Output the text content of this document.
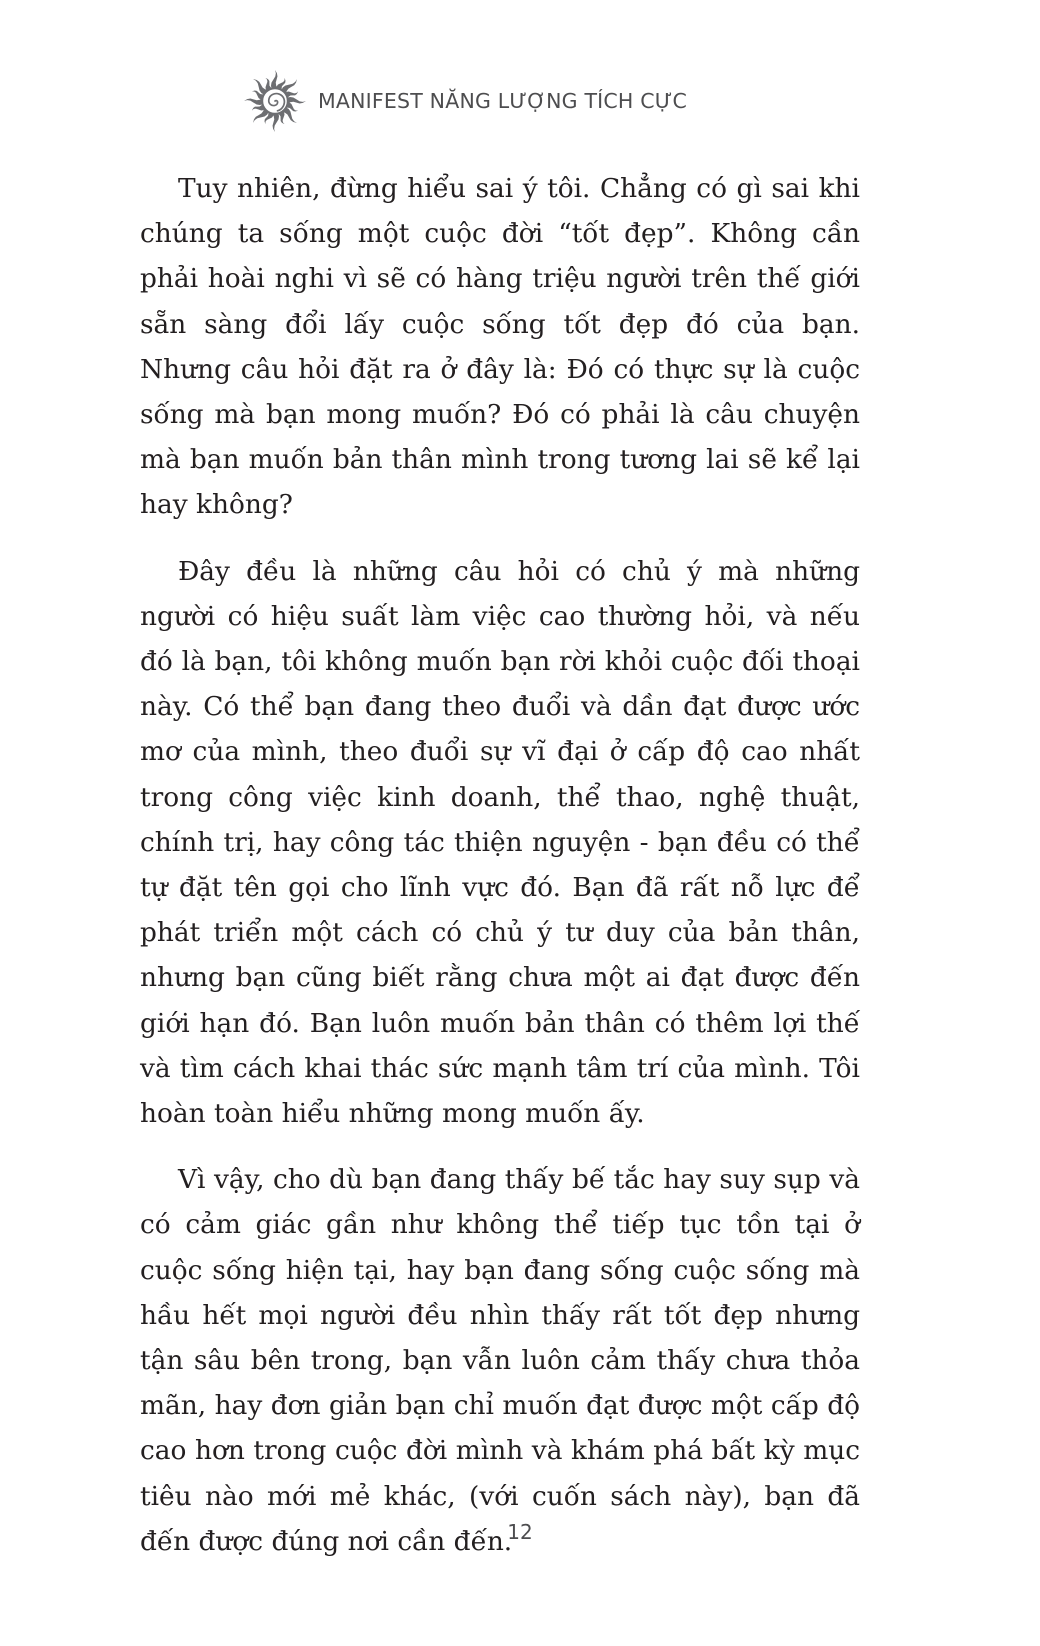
MANIFEST NĂNG LƯỢNG TÍCH CỰC

Tuy nhiên, đừng hiểu sai ý tôi. Chẳng có gì sai khi chúng ta sống một cuộc đời “tốt đẹp”. Không cần phải hoài nghi vì sẽ có hàng triệu người trên thế giới sẵn sàng đổi lấy cuộc sống tốt đẹp đó của bạn. Nhưng câu hỏi đặt ra ở đây là: Đó có thực sự là cuộc sống mà bạn mong muốn? Đó có phải là câu chuyện mà bạn muốn bản thân mình trong tương lai sẽ kể lại hay không?

Đây đều là những câu hỏi có chủ ý mà những người có hiệu suất làm việc cao thường hỏi, và nếu đó là bạn, tôi không muốn bạn rời khỏi cuộc đối thoại này. Có thể bạn đang theo đuổi và dần đạt được ước mơ của mình, theo đuổi sự vĩ đại ở cấp độ cao nhất trong công việc kinh doanh, thể thao, nghệ thuật, chính trị, hay công tác thiện nguyện - bạn đều có thể tự đặt tên gọi cho lĩnh vực đó. Bạn đã rất nỗ lực để phát triển một cách có chủ ý tư duy của bản thân, nhưng bạn cũng biết rằng chưa một ai đạt được đến giới hạn đó. Bạn luôn muốn bản thân có thêm lợi thế và tìm cách khai thác sức mạnh tâm trí của mình. Tôi hoàn toàn hiểu những mong muốn ấy.

Vì vậy, cho dù bạn đang thấy bế tắc hay suy sụp và có cảm giác gần như không thể tiếp tục tồn tại ở cuộc sống hiện tại, hay bạn đang sống cuộc sống mà hầu hết mọi người đều nhìn thấy rất tốt đẹp nhưng tận sâu bên trong, bạn vẫn luôn cảm thấy chưa thỏa mãn, hay đơn giản bạn chỉ muốn đạt được một cấp độ cao hơn trong cuộc đời mình và khám phá bất kỳ mục tiêu nào mới mẻ khác, (với cuốn sách này), bạn đã đến được đúng nơi cần đến.

12
